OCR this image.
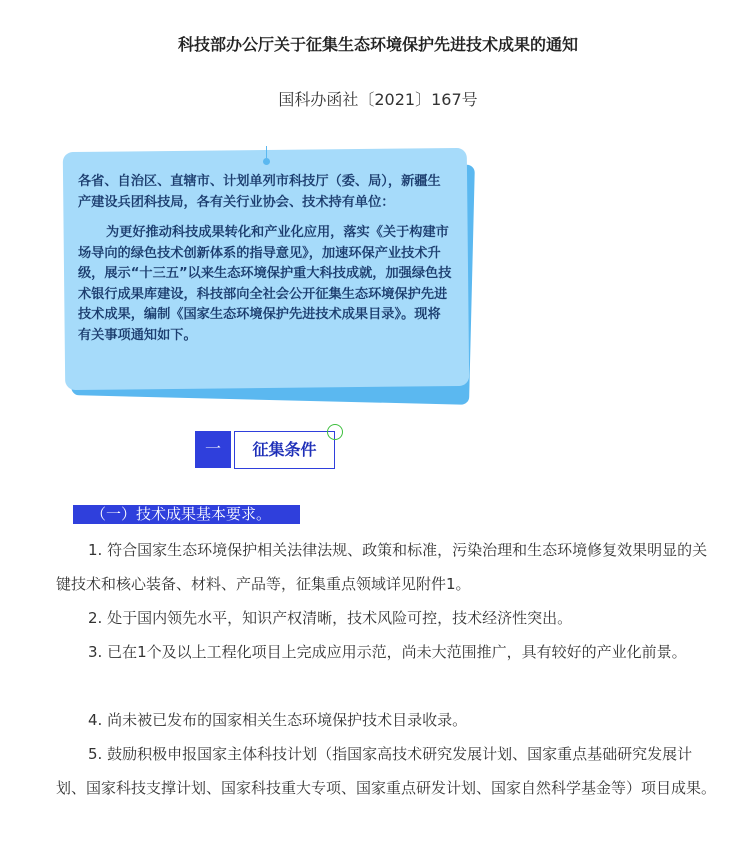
科技部办公厅关于征集生态环境保护先进技术成果的通知
国科办函社〔2021〕167号

各省、自治区、直辖市、计划单列市科技厅（委、局），新疆生产建设兵团科技局，各有关行业协会、技术持有单位：

为更好推动科技成果转化和产业化应用，落实《关于构建市场导向的绿色技术创新体系的指导意见》，加速环保产业技术升级，展示“十三五”以来生态环境保护重大科技成就，加强绿色技术银行成果库建设，科技部向全社会公开征集生态环境保护先进技术成果，编制《国家生态环境保护先进技术成果目录》。现将有关事项通知如下。

一	征集条件
（一）技术成果基本要求。
1. 符合国家生态环境保护相关法律法规、政策和标准，污染治理和生态环境修复效果明显的关键技术和核心装备、材料、产品等，征集重点领域详见附件1。
2. 处于国内领先水平，知识产权清晰，技术风险可控，技术经济性突出。
3. 已在1个及以上工程化项目上完成应用示范，尚未大范围推广，具有较好的产业化前景。
4. 尚未被已发布的国家相关生态环境保护技术目录收录。
5. 鼓励积极申报国家主体科技计划（指国家高技术研究发展计划、国家重点基础研究发展计划、国家科技支撑计划、国家科技重大专项、国家重点研发计划、国家自然科学基金等）项目成果。
